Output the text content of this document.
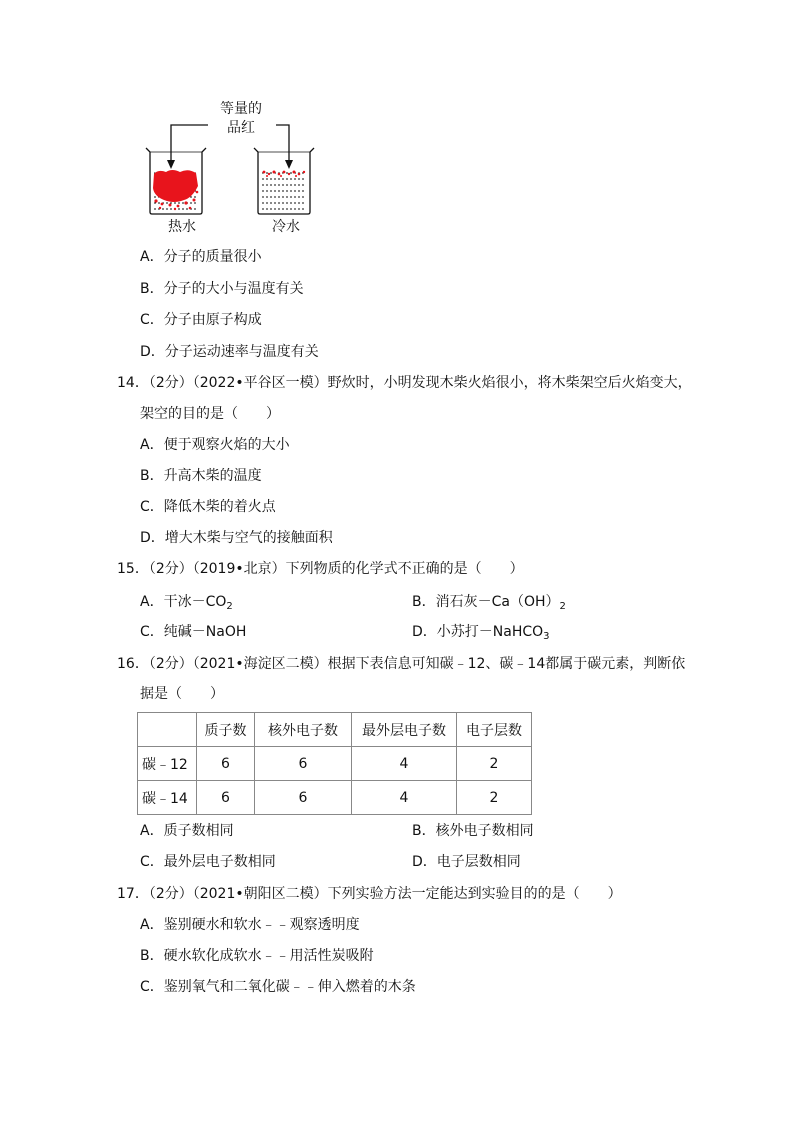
等量的
品红
热水	冷水
A．分子的质量很小
B．分子的大小与温度有关
C．分子由原子构成
D．分子运动速率与温度有关
14．（2分）（2022•平谷区一模）野炊时，小明发现木柴火焰很小，将木柴架空后火焰变大，
架空的目的是（　　）
A．便于观察火焰的大小
B．升高木柴的温度
C．降低木柴的着火点
D．增大木柴与空气的接触面积
15．（2分）（2019•北京）下列物质的化学式不正确的是（　　）
A．干冰$-CO_2$	B．消石灰$-Ca(OH)_2$
C．纯碱－NaOH	D．小苏打－NaHCO$_3$
16．（2分）（2021•海淀区二模）根据下表信息可知碳﹣12、碳﹣14都属于碳元素，判断依
据是（　　）
	质子数	核外电子数	最外层电子数	电子层数
碳﹣12	6	6	4	2
碳﹣14	6	6	4	2
A．质子数相同	B．核外电子数相同
C．最外层电子数相同	D．电子层数相同
17．（2分）（2021•朝阳区二模）下列实验方法一定能达到实验目的的是（　　）
A．鉴别硬水和软水﹣﹣观察透明度
B．硬水软化成软水﹣﹣用活性炭吸附
C．鉴别氧气和二氧化碳﹣﹣伸入燃着的木条
